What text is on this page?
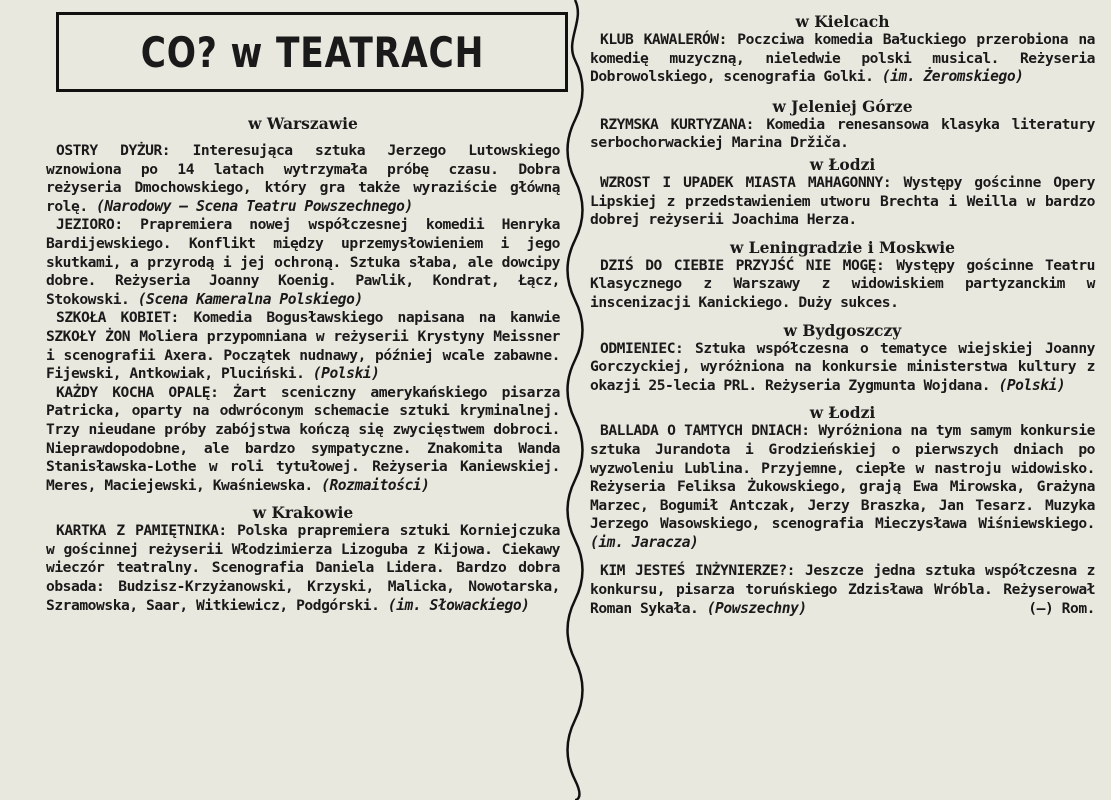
CO? w TEATRACH

w Warszawie

OSTRY DYŻUR: Interesująca sztuka Jerzego Lutowskiego wznowiona po 14 latach wytrzymała próbę czasu. Dobra reżyseria Dmochowskiego, który gra także wyraziście główną rolę. (Narodowy — Scena Teatru Powszechnego)

JEZIORO: Prapremiera nowej współczesnej komedii Henryka Bardijewskiego. Konflikt między uprzemysłowieniem i jego skutkami, a przyrodą i jej ochroną. Sztuka słaba, ale dowcipy dobre. Reżyseria Joanny Koenig. Pawlik, Kondrat, Łącz, Stokowski. (Scena Kameralna Polskiego)

SZKOŁA KOBIET: Komedia Bogusławskiego napisana na kanwie SZKOŁY ŻON Moliera przypomniana w reżyserii Krystyny Meissner i scenografii Axera. Początek nudnawy, później wcale zabawne. Fijewski, Antkowiak, Pluciński. (Polski)

KAŻDY KOCHA OPALĘ: Żart sceniczny amerykańskiego pisarza Patricka, oparty na odwróconym schemacie sztuki kryminalnej. Trzy nieudane próby zabójstwa kończą się zwycięstwem dobroci. Nieprawdopodobne, ale bardzo sympatyczne. Znakomita Wanda Stanisławska-Lothe w roli tytułowej. Reżyseria Kaniewskiej. Meres, Maciejewski, Kwaśniewska. (Rozmaitości)

w Krakowie

KARTKA Z PAMIĘTNIKA: Polska prapremiera sztuki Korniejczuka w gościnnej reżyserii Włodzimierza Lizoguba z Kijowa. Ciekawy wieczór teatralny. Scenografia Daniela Lidera. Bardzo dobra obsada: Budzisz-Krzyżanowski, Krzyski, Malicka, Nowotarska, Szramowska, Saar, Witkiewicz, Podgórski. (im. Słowackiego)

w Kielcach

KLUB KAWALERÓW: Poczciwa komedia Bałuckiego przerobiona na komedię muzyczną, nieledwie polski musical. Reżyseria Dobrowolskiego, scenografia Golki. (im. Żeromskiego)

w Jeleniej Górze

RZYMSKA KURTYZANA: Komedia renesansowa klasyka literatury serbochorwackiej Marina Držiča.

w Łodzi

WZROST I UPADEK MIASTA MAHAGONNY: Występy gościnne Opery Lipskiej z przedstawieniem utworu Brechta i Weilla w bardzo dobrej reżyserii Joachima Herza.

w Leningradzie i Moskwie

DZIŚ DO CIEBIE PRZYJŚĆ NIE MOGĘ: Występy gościnne Teatru Klasycznego z Warszawy z widowiskiem partyzanckim w inscenizacji Kanickiego. Duży sukces.

w Bydgoszczy

ODMIENIEC: Sztuka współczesna o tematyce wiejskiej Joanny Gorczyckiej, wyróżniona na konkursie ministerstwa kultury z okazji 25-lecia PRL. Reżyseria Zygmunta Wojdana. (Polski)

w Łodzi

BALLADA O TAMTYCH DNIACH: Wyróżniona na tym samym konkursie sztuka Jurandota i Grodzieńskiej o pierwszych dniach po wyzwoleniu Lublina. Przyjemne, ciepłe w nastroju widowisko. Reżyseria Feliksa Żukowskiego, grają Ewa Mirowska, Grażyna Marzec, Bogumił Antczak, Jerzy Braszka, Jan Tesarz. Muzyka Jerzego Wasowskiego, scenografia Mieczysława Wiśniewskiego. (im. Jaracza)

KIM JESTEŚ INŻYNIERZE?: Jeszcze jedna sztuka współczesna z konkursu, pisarza toruńskiego Zdzisława Wróbla. Reżyserował Roman Sykała. (Powszechny)	(—) Rom.
